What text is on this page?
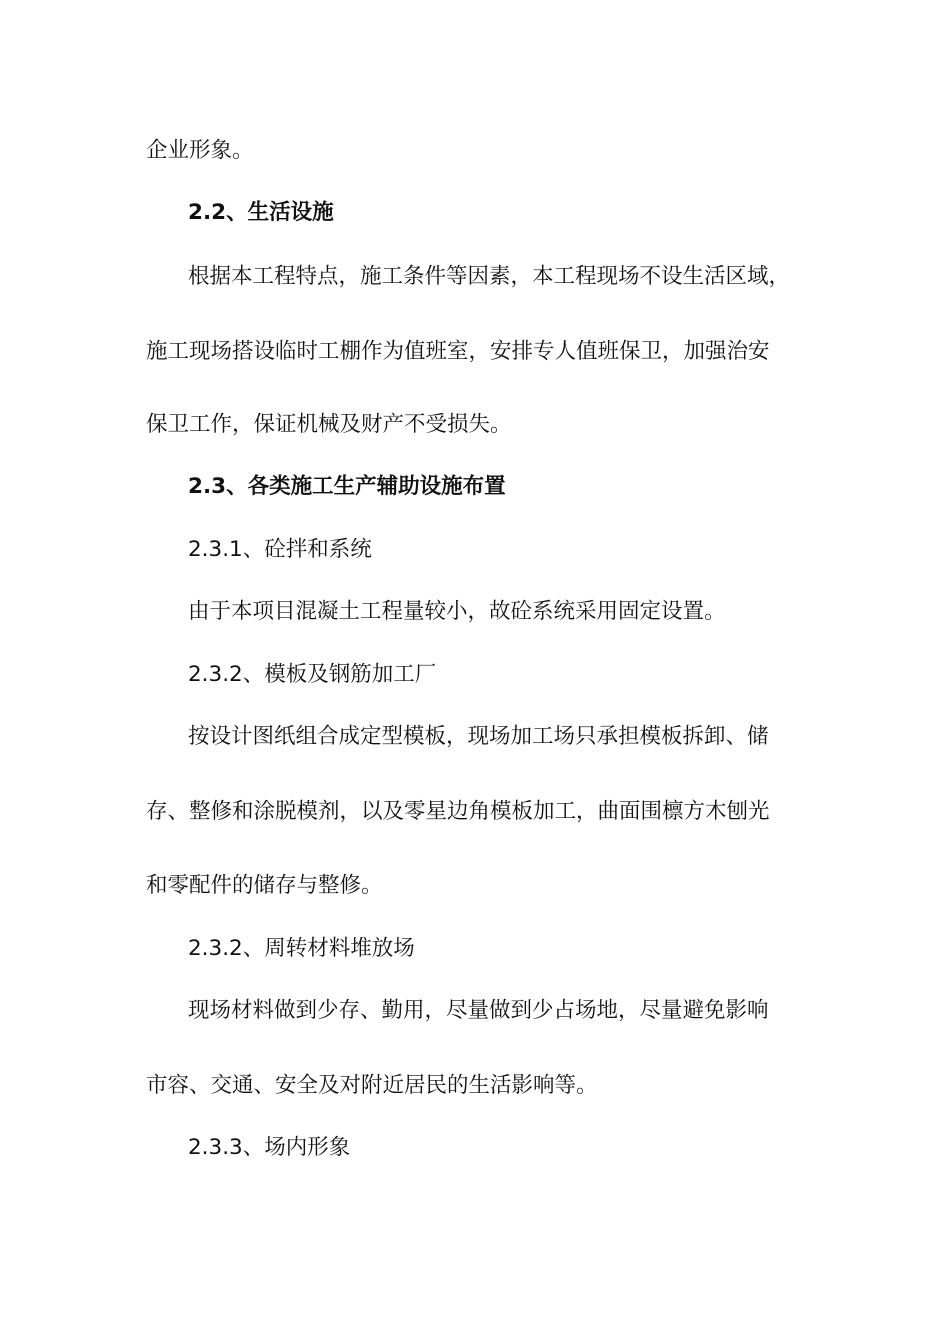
企业形象。
2.2、生活设施
根据本工程特点，施工条件等因素，本工程现场不设生活区域，
施工现场搭设临时工棚作为值班室，安排专人值班保卫，加强治安
保卫工作，保证机械及财产不受损失。
2.3、各类施工生产辅助设施布置
2.3.1、砼拌和系统
由于本项目混凝土工程量较小，故砼系统采用固定设置。
2.3.2、模板及钢筋加工厂
按设计图纸组合成定型模板，现场加工场只承担模板拆卸、储
存、整修和涂脱模剂，以及零星边角模板加工，曲面围檩方木刨光
和零配件的储存与整修。
2.3.2、周转材料堆放场
现场材料做到少存、勤用，尽量做到少占场地，尽量避免影响
市容、交通、安全及对附近居民的生活影响等。
2.3.3、场内形象
